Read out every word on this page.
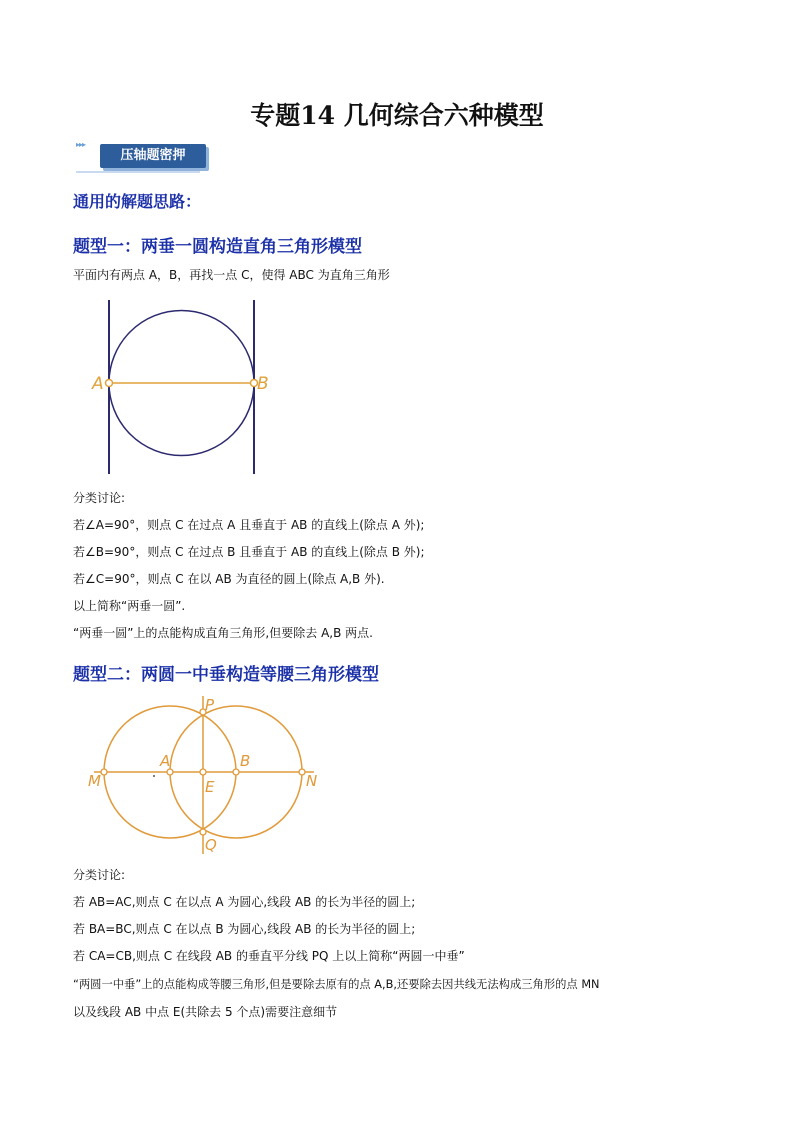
专题14 几何综合六种模型
▸▸▸
压轴题密押
通用的解题思路：
题型一：两垂一圆构造直角三角形模型
平面内有两点 A，B，再找一点 C，使得 ABC 为直角三角形
A	B
分类讨论:
若∠A=90°，则点 C 在过点 A 且垂直于 AB 的直线上(除点 A 外);
若∠B=90°，则点 C 在过点 B 且垂直于 AB 的直线上(除点 B 外);
若∠C=90°，则点 C 在以 AB 为直径的圆上(除点 A,B 外).
以上简称“两垂一圆”.
“两垂一圆”上的点能构成直角三角形,但要除去 A,B 两点.
题型二：两圆一中垂构造等腰三角形模型
M
A
E
B
N
P
Q
分类讨论:
若 AB=AC,则点 C 在以点 A 为圆心,线段 AB 的长为半径的圆上;
若 BA=BC,则点 C 在以点 B 为圆心,线段 AB 的长为半径的圆上;
若 CA=CB,则点 C 在线段 AB 的垂直平分线 PQ 上以上简称“两圆一中垂”
“两圆一中垂”上的点能构成等腰三角形,但是要除去原有的点 A,B,还要除去因共线无法构成三角形的点 MN
以及线段 AB 中点 E(共除去 5 个点)需要注意细节
